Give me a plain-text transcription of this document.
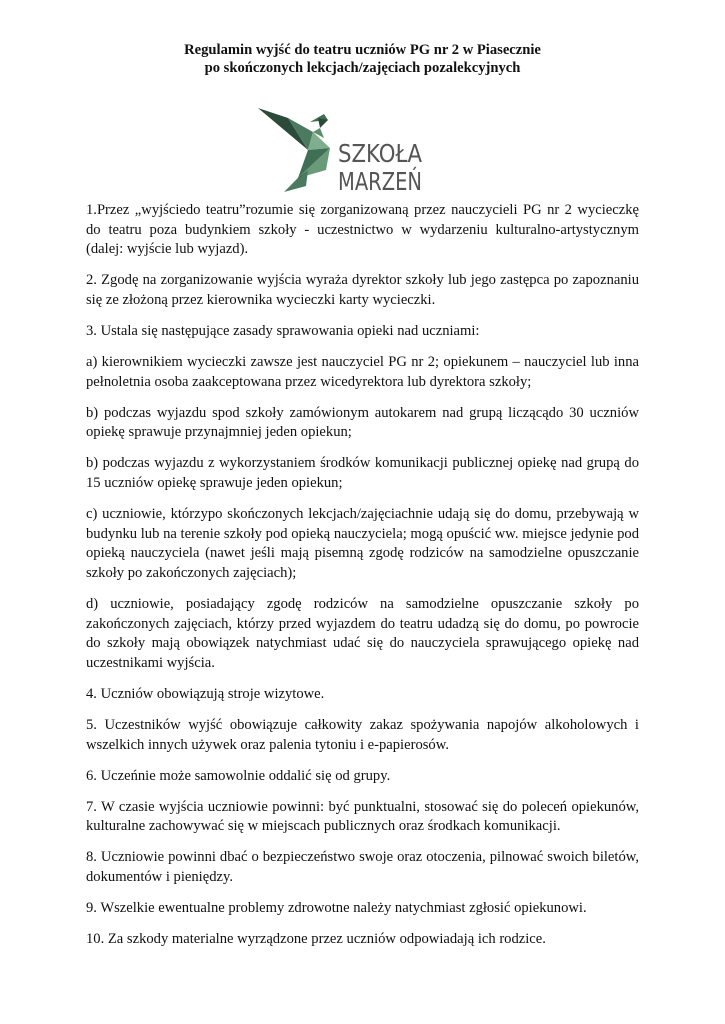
Regulamin wyjść do teatru uczniów PG nr 2 w Piasecznie
po skończonych lekcjach/zajęciach pozalekcyjnych
SZKOŁA
MARZEŃ

1.Przez „wyjściedo teatru”rozumie się zorganizowaną przez nauczycieli PG nr 2 wycieczkę do teatru poza budynkiem szkoły - uczestnictwo w wydarzeniu kulturalno-artystycznym (dalej: wyjście lub wyjazd).

2. Zgodę na zorganizowanie wyjścia wyraża dyrektor szkoły lub jego zastępca po zapoznaniu się ze złożoną przez kierownika wycieczki karty wycieczki.

3. Ustala się następujące zasady sprawowania opieki nad uczniami:

a) kierownikiem wycieczki zawsze jest nauczyciel PG nr 2; opiekunem – nauczyciel lub inna pełnoletnia osoba zaakceptowana przez wicedyrektora lub dyrektora szkoły;

b) podczas wyjazdu spod szkoły zamówionym autokarem nad grupą liczącądo 30 uczniów opiekę sprawuje przynajmniej jeden opiekun;

b) podczas wyjazdu z wykorzystaniem środków komunikacji publicznej opiekę nad grupą do 15 uczniów opiekę sprawuje jeden opiekun;

c) uczniowie, którzypo skończonych lekcjach/zajęciachnie udają się do domu, przebywają w budynku lub na terenie szkoły pod opieką nauczyciela; mogą opuścić ww. miejsce jedynie pod opieką nauczyciela (nawet jeśli mają pisemną zgodę rodziców na samodzielne opuszczanie szkoły po zakończonych zajęciach);

d) uczniowie, posiadający zgodę rodziców na samodzielne opuszczanie szkoły po zakończonych zajęciach, którzy przed wyjazdem do teatru udadzą się do domu, po powrocie do szkoły mają obowiązek natychmiast udać się do nauczyciela sprawującego opiekę nad uczestnikami wyjścia.

4. Uczniów obowiązują stroje wizytowe.

5. Uczestników wyjść obowiązuje całkowity zakaz spożywania napojów alkoholowych i wszelkich innych używek oraz palenia tytoniu i e-papierosów.

6. Uczeńnie może samowolnie oddalić się od grupy.

7. W czasie wyjścia uczniowie powinni: być punktualni, stosować się do poleceń opiekunów, kulturalne zachowywać się w miejscach publicznych oraz środkach komunikacji.

8. Uczniowie powinni dbać o bezpieczeństwo swoje oraz otoczenia, pilnować swoich biletów, dokumentów i pieniędzy.

9. Wszelkie ewentualne problemy zdrowotne należy natychmiast zgłosić opiekunowi.

10. Za szkody materialne wyrządzone przez uczniów odpowiadają ich rodzice.
